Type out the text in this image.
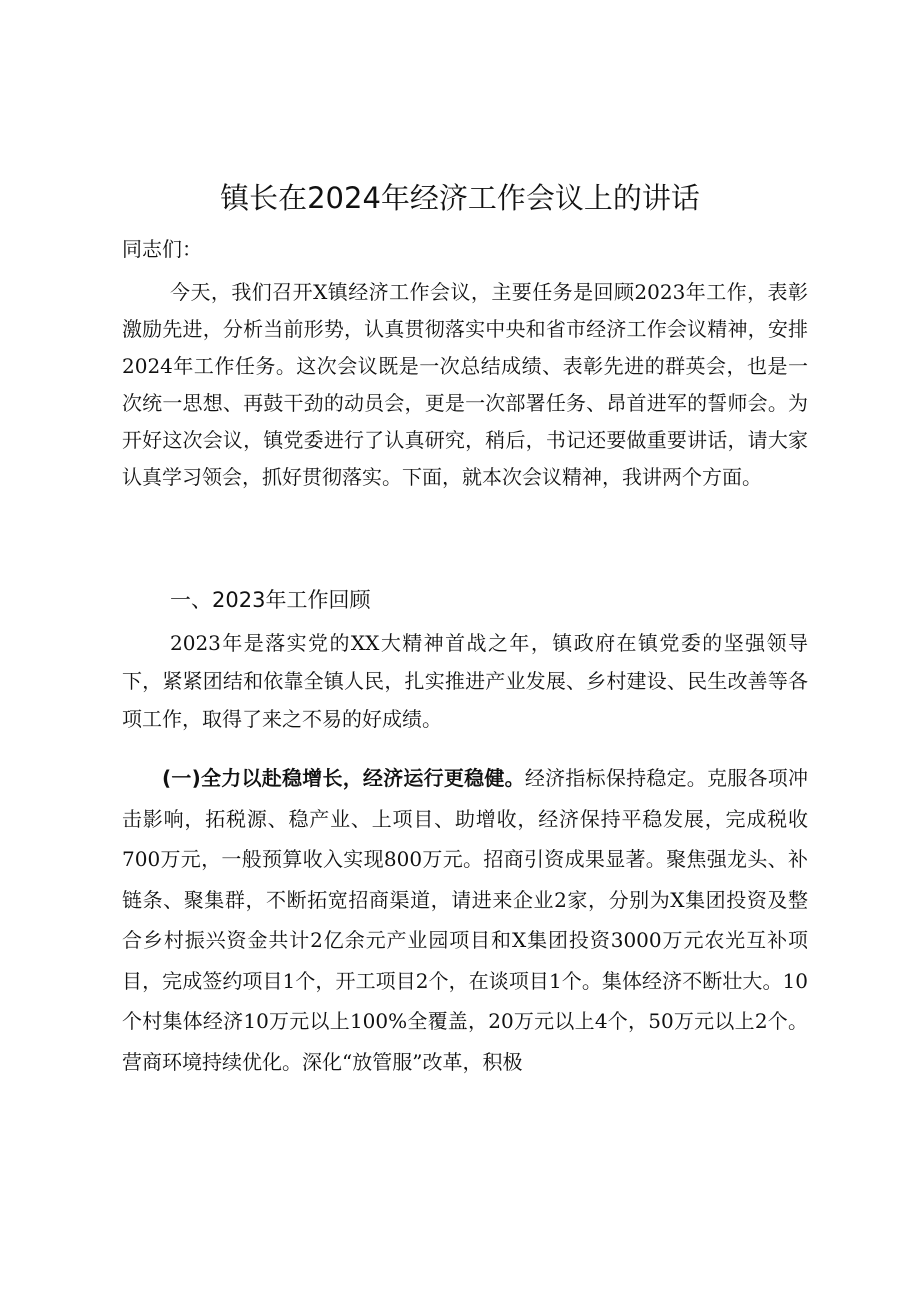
镇长在2024年经济工作会议上的讲话

同志们：

今天，我们召开X镇经济工作会议，主要任务是回顾2023年工作，表彰激励先进，分析当前形势，认真贯彻落实中央和省市经济工作会议精神，安排2024年工作任务。这次会议既是一次总结成绩、表彰先进的群英会，也是一次统一思想、再鼓干劲的动员会，更是一次部署任务、昂首进军的誓师会。为开好这次会议，镇党委进行了认真研究，稍后，书记还要做重要讲话，请大家认真学习领会，抓好贯彻落实。下面，就本次会议精神，我讲两个方面。

一、2023年工作回顾

2023年是落实党的XX大精神首战之年，镇政府在镇党委的坚强领导下，紧紧团结和依靠全镇人民，扎实推进产业发展、乡村建设、民生改善等各项工作，取得了来之不易的好成绩。

(一)全力以赴稳增长，经济运行更稳健。经济指标保持稳定。克服各项冲击影响，拓税源、稳产业、上项目、助增收，经济保持平稳发展，完成税收700万元，一般预算收入实现800万元。招商引资成果显著。聚焦强龙头、补链条、聚集群，不断拓宽招商渠道，请进来企业2家，分别为X集团投资及整合乡村振兴资金共计2亿余元产业园项目和X集团投资3000万元农光互补项目，完成签约项目1个，开工项目2个，在谈项目1个。集体经济不断壮大。10个村集体经济10万元以上100%全覆盖，20万元以上4个，50万元以上2个。营商环境持续优化。深化“放管服”改革，积极
